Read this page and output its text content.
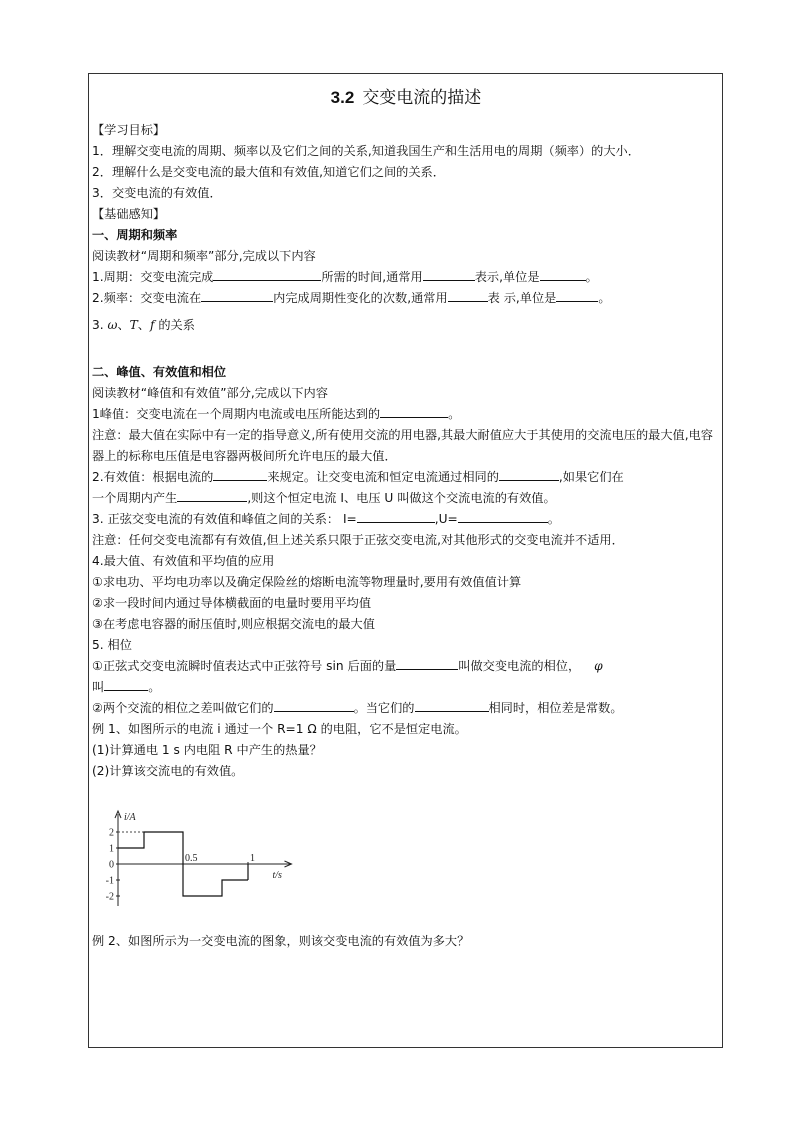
3.2 交变电流的描述
【学习目标】
1．理解交变电流的周期、频率以及它们之间的关系,知道我国生产和生活用电的周期（频率）的大小．
2．理解什么是交变电流的最大值和有效值,知道它们之间的关系．
3．交变电流的有效值．
【基础感知】
一、周期和频率
阅读教材“周期和频率”部分,完成以下内容
1.周期：交变电流完成	所需的时间,通常用	表示,单位是	。
2.频率：交变电流在	内完成周期性变化的次数,通常用	表 示,单位是	。
3. ω、T、f 的关系
二、峰值、有效值和相位
阅读教材“峰值和有效值”部分,完成以下内容
1峰值：交变电流在一个周期内电流或电压所能达到的	。
注意：最大值在实际中有一定的指导意义,所有使用交流的用电器,其最大耐值应大于其使用的交流电压的最大值,电容器上的标称电压值是电容器两极间所允许电压的最大值．
2.有效值：根据电流的	来规定。让交变电流和恒定电流通过相同的	,如果它们在
一个周期内产生	,则这个恒定电流 I、电压 U 叫做这个交流电流的有效值。
3. 正弦交变电流的有效值和峰值之间的关系： I=	,U=	。
注意：任何交变电流都有有效值,但上述关系只限于正弦交变电流,对其他形式的交变电流并不适用．
4.最大值、有效值和平均值的应用
①求电功、平均电功率以及确定保险丝的熔断电流等物理量时,要用有效值值计算
②求一段时间内通过导体横截面的电量时要用平均值
③在考虑电容器的耐压值时,则应根据交流电的最大值
5. 相位
①正弦式交变电流瞬时值表达式中正弦符号 sin 后面的量	叫做交变电流的相位， φ
叫	。
②两个交流的相位之差叫做它们的	。当它们的	相同时，相位差是常数。
例 1、如图所示的电流 i 通过一个 R=1 Ω 的电阻，它不是恒定电流。
(1)计算通电 1 s 内电阻 R 中产生的热量？
(2)计算该交流电的有效值。
i/A
t/s
2
1
0
-1
-2
0.5	1
例 2、如图所示为一交变电流的图象，则该交变电流的有效值为多大？
